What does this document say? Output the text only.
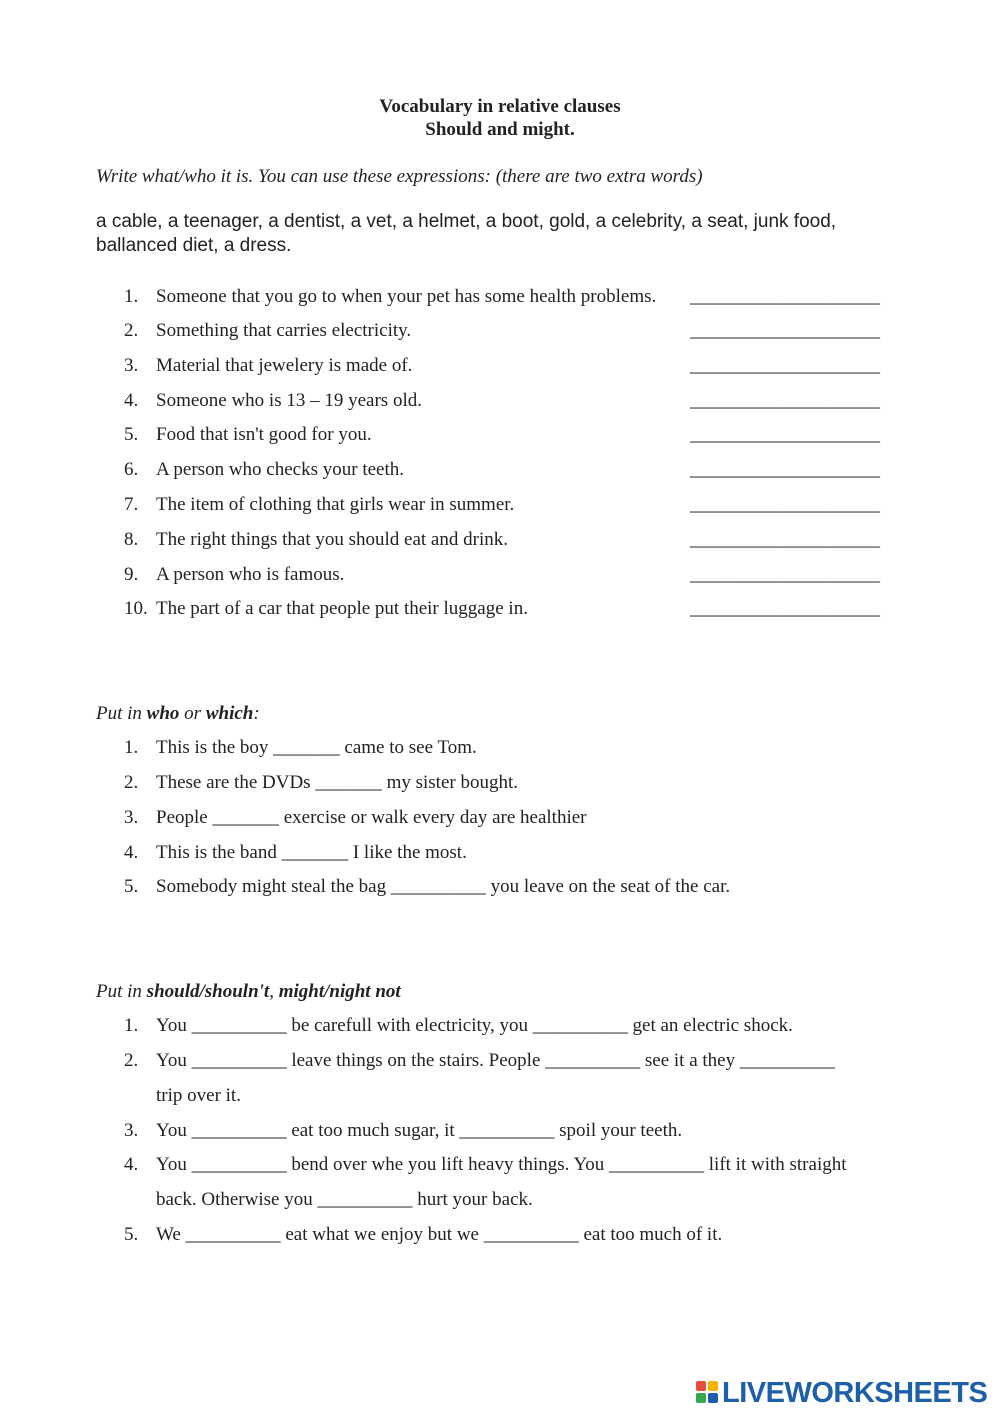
Vocabulary in relative clauses
Should and might.
Write what/who it is. You can use these expressions: (there are two extra words)
a cable, a teenager, a dentist, a vet, a helmet, a boot, gold, a celebrity, a seat, junk food, ballanced diet, a dress.
1. Someone that you go to when your pet has some health problems. ____________________
2. Something that carries electricity.	____________________
3. Material that jewelery is made of.	____________________
4. Someone who is 13 – 19 years old.	____________________
5. Food that isn't good for you.	____________________
6. A person who checks your teeth.	____________________
7. The item of clothing that girls wear in summer.	____________________
8. The right things that you should eat and drink.	____________________
9. A person who is famous.	____________________
10. The part of a car that people put their luggage in.	____________________
Put in who or which:
1. This is the boy _______ came to see Tom.
2. These are the DVDs _______ my sister bought.
3. People _______ exercise or walk every day are healthier
4. This is the band _______ I like the most.
5. Somebody might steal the bag __________ you leave on the seat of the car.
Put in should/shouln't, might/night not
1. You __________ be carefull with electricity, you __________ get an electric shock.
2. You __________ leave things on the stairs. People __________ see it a they __________
trip over it.
3. You __________ eat too much sugar, it __________ spoil your teeth.
4. You __________ bend over whe you lift heavy things. You __________ lift it with straight
back. Otherwise you __________ hurt your back.
5. We __________ eat what we enjoy but we __________ eat too much of it.
LIVEWORKSHEETS
